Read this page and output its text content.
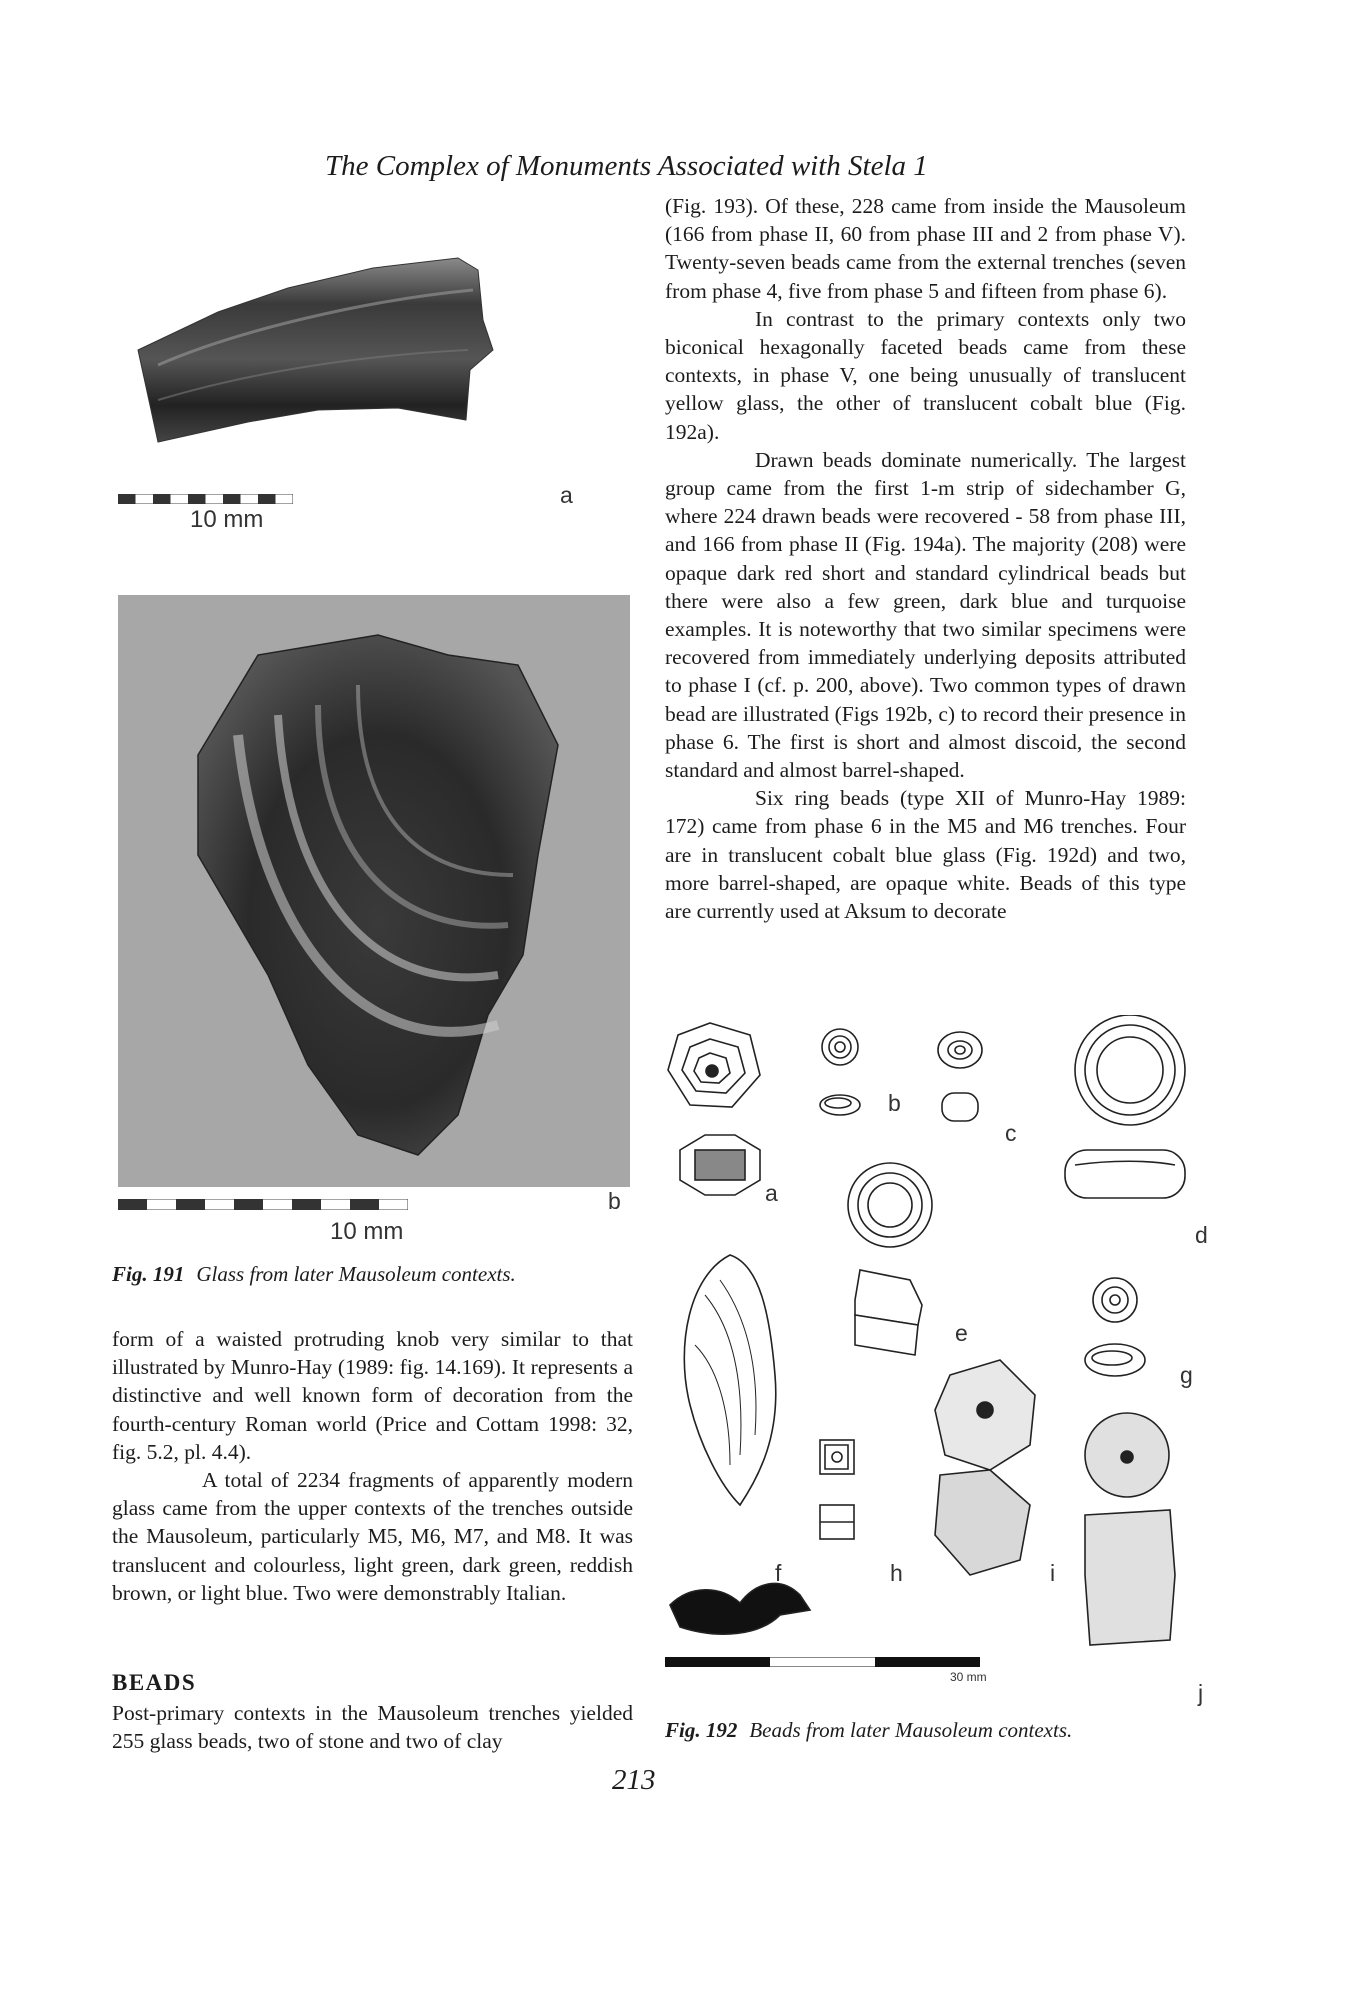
The Complex of Monuments Associated with Stela 1

(Fig. 193). Of these, 228 came from inside the Mausoleum (166 from phase II, 60 from phase III and 2 from phase V). Twenty-seven beads came from the external trenches (seven from phase 4, five from phase 5 and fifteen from phase 6).

In contrast to the primary contexts only two biconical hexagonally faceted beads came from these contexts, in phase V, one being unusually of translucent yellow glass, the other of translucent cobalt blue (Fig. 192a).

Drawn beads dominate numerically. The largest group came from the first 1-m strip of sidechamber G, where 224 drawn beads were recovered - 58 from phase III, and 166 from phase II (Fig. 194a). The majority (208) were opaque dark red short and standard cylindrical beads but there were also a few green, dark blue and turquoise examples. It is noteworthy that two similar specimens were recovered from immediately underlying deposits attributed to phase I (cf. p. 200, above). Two common types of drawn bead are illustrated (Figs 192b, c) to record their presence in phase 6. The first is short and almost discoid, the second standard and almost barrel-shaped.

Six ring beads (type XII of Munro-Hay 1989: 172) came from phase 6 in the M5 and M6 trenches. Four are in translucent cobalt blue glass (Fig. 192d) and two, more barrel-shaped, are opaque white. Beads of this type are currently used at Aksum to decorate

a
10 mm
b
10 mm
Fig. 191 Glass from later Mausoleum contexts.

form of a waisted protruding knob very similar to that illustrated by Munro-Hay (1989: fig. 14.169). It represents a distinctive and well known form of decoration from the fourth-century Roman world (Price and Cottam 1998: 32, fig. 5.2, pl. 4.4).

A total of 2234 fragments of apparently modern glass came from the upper contexts of the trenches outside the Mausoleum, particularly M5, M6, M7, and M8. It was translucent and colourless, light green, dark green, reddish brown, or light blue. Two were demonstrably Italian.

BEADS

Post-primary contexts in the Mausoleum trenches yielded 255 glass beads, two of stone and two of clay

a
b
c
d
e
f
g
h	i
j
30 mm
Fig. 192 Beads from later Mausoleum contexts.
213
